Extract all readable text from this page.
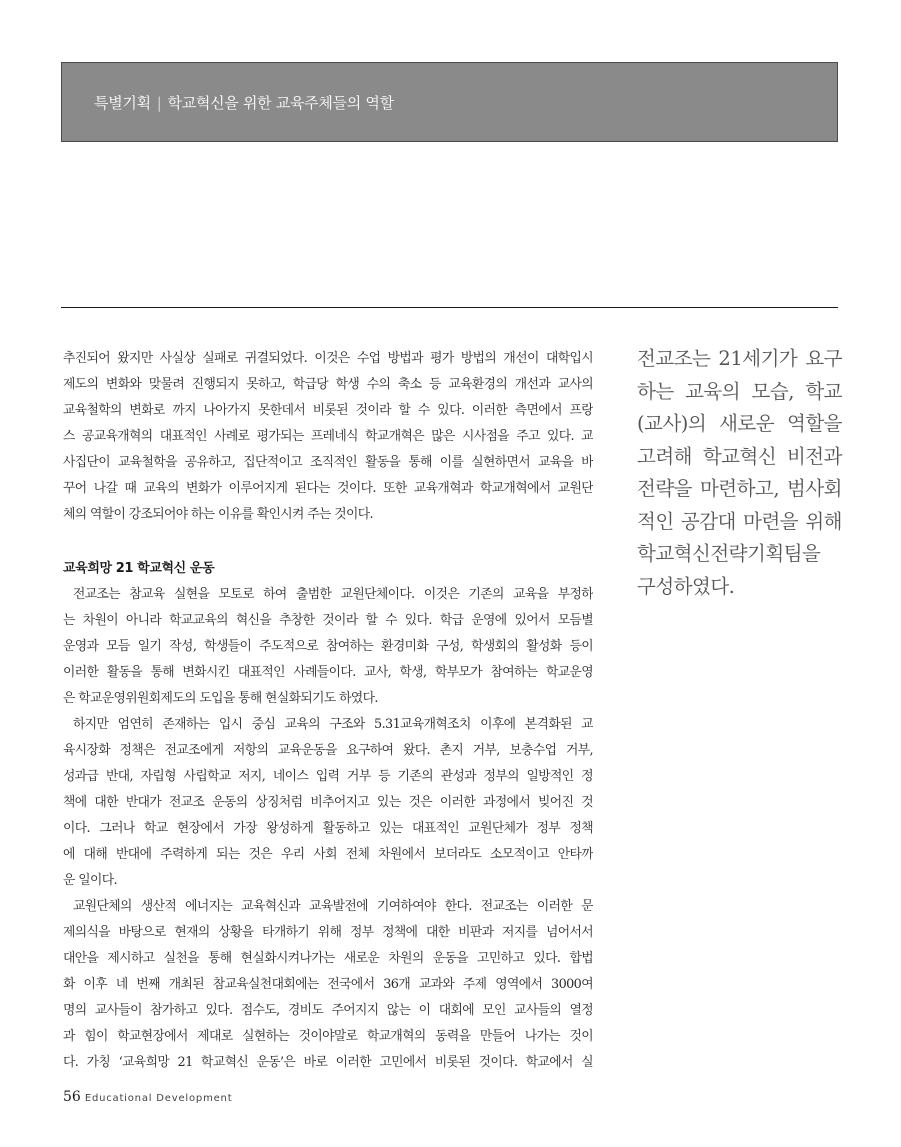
특별기획 | 학교혁신을 위한 교육주체들의 역할
추진되어 왔지만 사실상 실패로 귀결되었다. 이것은 수업 방법과 평가 방법의 개선이 대학입시
제도의 변화와 맞물려 진행되지 못하고, 학급당 학생 수의 축소 등 교육환경의 개선과 교사의
교육철학의 변화로 까지 나아가지 못한데서 비롯된 것이라 할 수 있다. 이러한 측면에서 프랑
스 공교육개혁의 대표적인 사례로 평가되는 프레네식 학교개혁은 많은 시사점을 주고 있다. 교
사집단이 교육철학을 공유하고, 집단적이고 조직적인 활동을 통해 이를 실현하면서 교육을 바
꾸어 나갈 때 교육의 변화가 이루어지게 된다는 것이다. 또한 교육개혁과 학교개혁에서 교원단
체의 역할이 강조되어야 하는 이유를 확인시켜 주는 것이다.
교육희망 21 학교혁신 운동
전교조는 참교육 실현을 모토로 하여 출범한 교원단체이다. 이것은 기존의 교육을 부정하
는 차원이 아니라 학교교육의 혁신을 추창한 것이라 할 수 있다. 학급 운영에 있어서 모듬별
운영과 모듬 일기 작성, 학생들이 주도적으로 참여하는 환경미화 구성, 학생회의 활성화 등이
이러한 활동을 통해 변화시킨 대표적인 사례들이다. 교사, 학생, 학부모가 참여하는 학교운영
은 학교운영위원회제도의 도입을 통해 현실화되기도 하였다.
하지만 엄연히 존재하는 입시 중심 교육의 구조와 5.31교육개혁조치 이후에 본격화된 교
육시장화 정책은 전교조에게 저항의 교육운동을 요구하여 왔다. 촌지 거부, 보충수업 거부,
성과급 반대, 자립형 사립학교 저지, 네이스 입력 거부 등 기존의 관성과 정부의 일방적인 정
책에 대한 반대가 전교조 운동의 상징처럼 비추어지고 있는 것은 이러한 과정에서 빚어진 것
이다. 그러나 학교 현장에서 가장 왕성하게 활동하고 있는 대표적인 교원단체가 정부 정책
에 대해 반대에 주력하게 되는 것은 우리 사회 전체 차원에서 보더라도 소모적이고 안타까
운 일이다.
교원단체의 생산적 에너지는 교육혁신과 교육발전에 기여하여야 한다. 전교조는 이러한 문
제의식을 바탕으로 현재의 상황을 타개하기 위해 정부 정책에 대한 비판과 저지를 넘어서서
대안을 제시하고 실천을 통해 현실화시켜나가는 새로운 차원의 운동을 고민하고 있다. 합법
화 이후 네 번째 개최된 참교육실천대회에는 전국에서 36개 교과와 주제 영역에서 3000여
명의 교사들이 참가하고 있다. 점수도, 경비도 주어지지 않는 이 대회에 모인 교사들의 열정
과 힘이 학교현장에서 제대로 실현하는 것이야말로 학교개혁의 동력을 만들어 나가는 것이
다. 가칭 ‘교육희망 21 학교혁신 운동’은 바로 이러한 고민에서 비롯된 것이다. 학교에서 실
전교조는 21세기가 요구
하는 교육의 모습, 학교
(교사)의 새로운 역할을
고려해 학교혁신 비전과
전략을 마련하고, 범사회
적인 공감대 마련을 위해
학교혁신전략기획팀을
구성하였다.
56 Educational Development
